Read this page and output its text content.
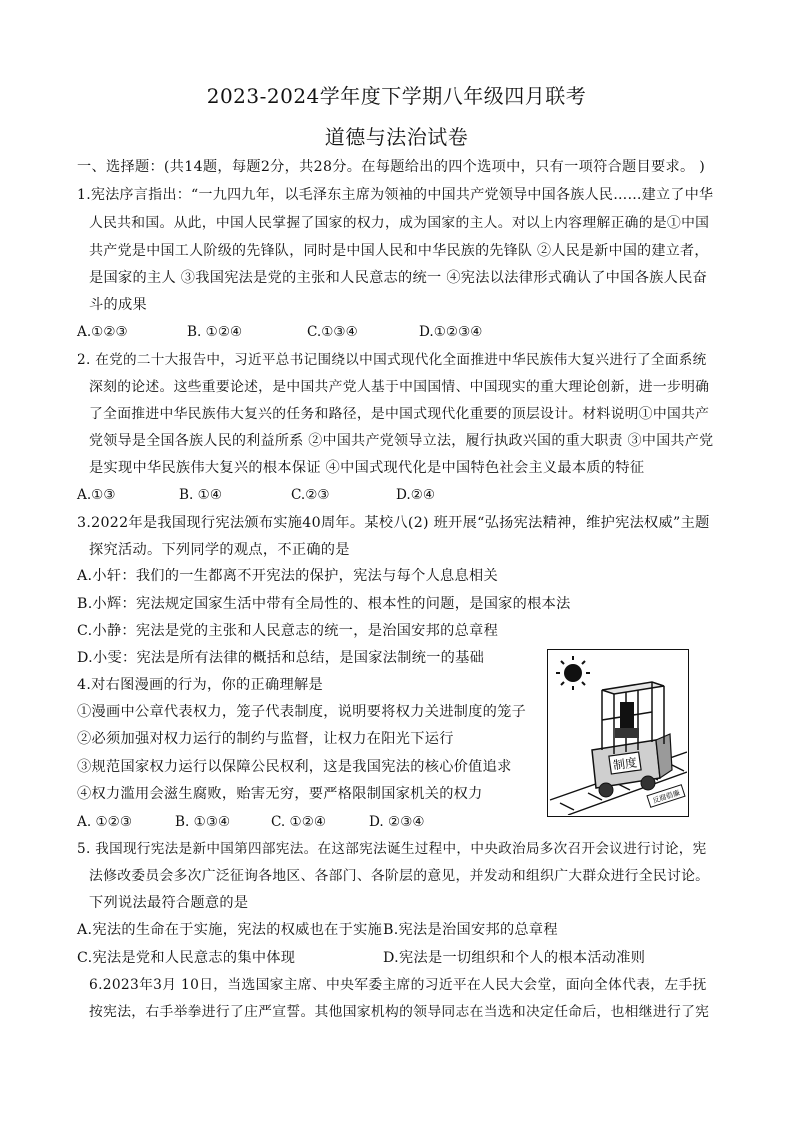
2023-2024学年度下学期八年级四月联考
道德与法治试卷
一、选择题：(共14题，每题2分，共28分。在每题给出的四个选项中，只有一项符合题目要求。 )
1.宪法序言指出：“一九四九年，以毛泽东主席为领袖的中国共产党领导中国各族人民……建立了中华
人民共和国。从此，中国人民掌握了国家的权力，成为国家的主人。对以上内容理解正确的是①中国
共产党是中国工人阶级的先锋队，同时是中国人民和中华民族的先锋队 ②人民是新中国的建立者，
是国家的主人 ③我国宪法是党的主张和人民意志的统一 ④宪法以法律形式确认了中国各族人民奋
斗的成果
A.①②③	B. ①②④	C.①③④	D.①②③④
2. 在党的二十大报告中，习近平总书记围绕以中国式现代化全面推进中华民族伟大复兴进行了全面系统
深刻的论述。这些重要论述，是中国共产党人基于中国国情、中国现实的重大理论创新，进一步明确
了全面推进中华民族伟大复兴的任务和路径，是中国式现代化重要的顶层设计。材料说明①中国共产
党领导是全国各族人民的利益所系 ②中国共产党领导立法，履行执政兴国的重大职责 ③中国共产党
是实现中华民族伟大复兴的根本保证 ④中国式现代化是中国特色社会主义最本质的特征
A.①③	B. ①④	C.②③	D.②④
3.2022年是我国现行宪法颁布实施40周年。某校八(2) 班开展“弘扬宪法精神，维护宪法权威”主题
探究活动。下列同学的观点，不正确的是
A.小轩：我们的一生都离不开宪法的保护，宪法与每个人息息相关
B.小辉：宪法规定国家生活中带有全局性的、根本性的问题，是国家的根本法
C.小静：宪法是党的主张和人民意志的统一，是治国安邦的总章程
D.小雯：宪法是所有法律的概括和总结，是国家法制统一的基础
4.对右图漫画的行为，你的正确理解是
①漫画中公章代表权力，笼子代表制度，说明要将权力关进制度的笼子
②必须加强对权力运行的制约与监督，让权力在阳光下运行
③规范国家权力运行以保障公民权利，这是我国宪法的核心价值追求
④权力滥用会滋生腐败，贻害无穷，要严格限制国家机关的权力
A. ①②③	B. ①③④	C. ①②④	D. ②③④
制度
反腐倡廉
5. 我国现行宪法是新中国第四部宪法。在这部宪法诞生过程中，中央政治局多次召开会议进行讨论，宪
法修改委员会多次广泛征询各地区、各部门、各阶层的意见，并发动和组织广大群众进行全民讨论。
下列说法最符合题意的是
A.宪法的生命在于实施，宪法的权威也在于实施 B.宪法是治国安邦的总章程
C.宪法是党和人民意志的集中体现	D.宪法是一切组织和个人的根本活动准则
6.2023年3月 10日，当选国家主席、中央军委主席的习近平在人民大会堂，面向全体代表，左手抚
按宪法，右手举拳进行了庄严宣誓。其他国家机构的领导同志在当选和决定任命后，也相继进行了宪
